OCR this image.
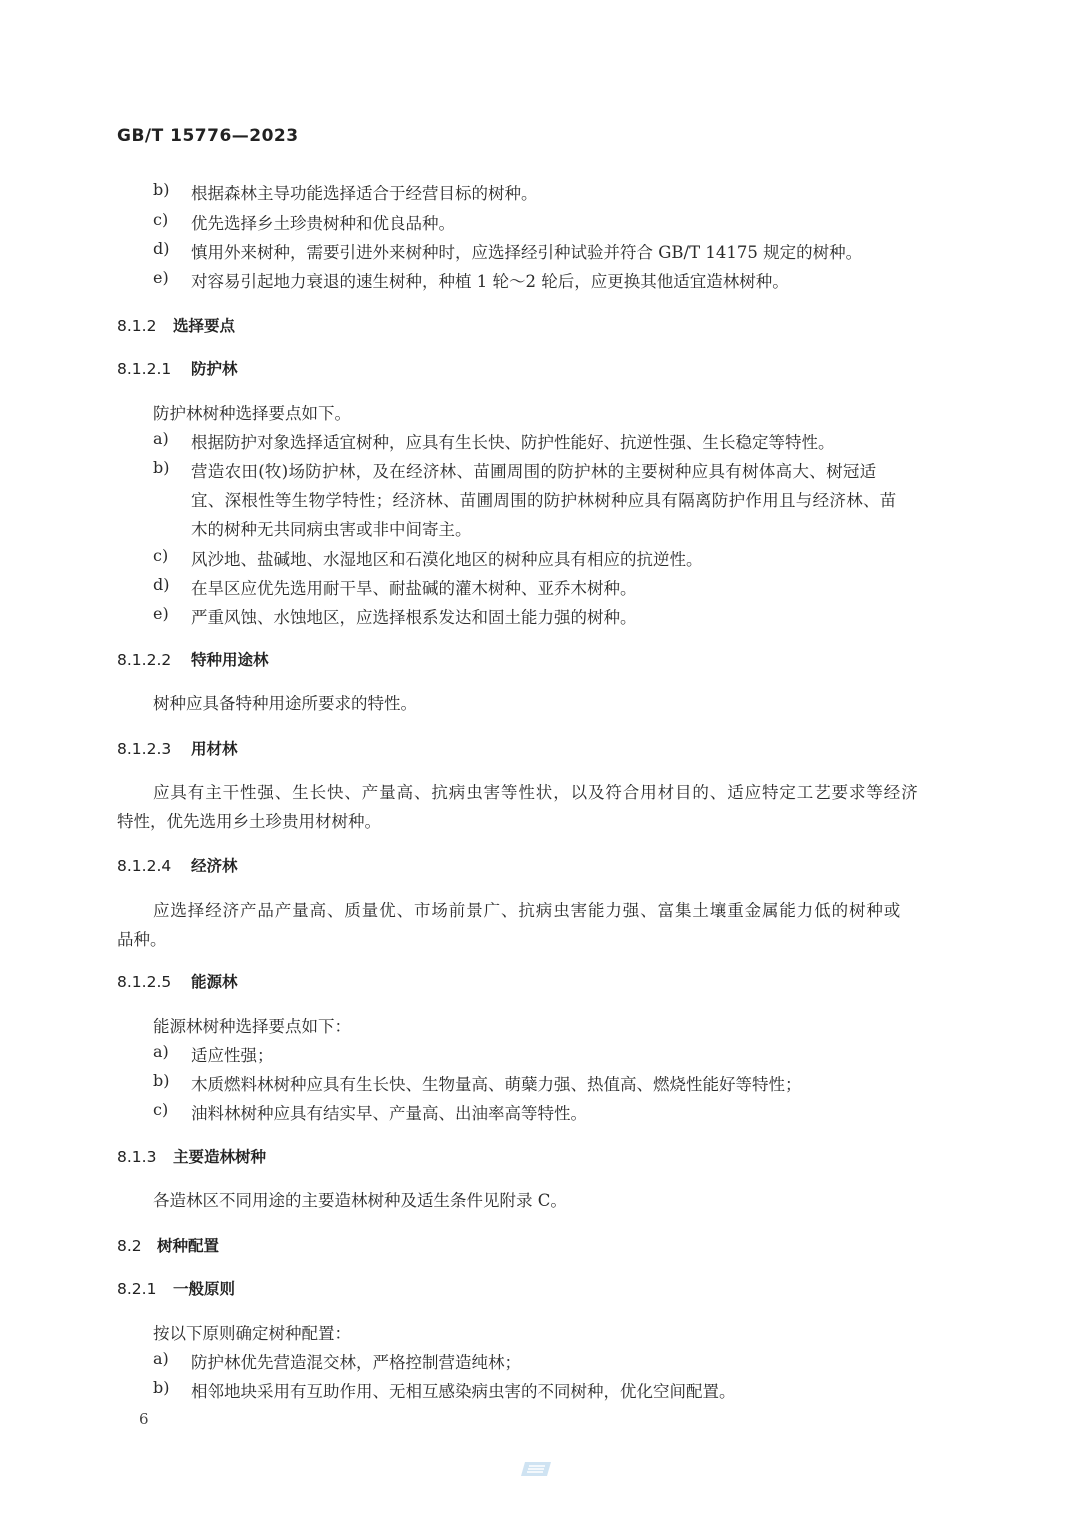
GB/T 15776—2023
b) 根据森林主导功能选择适合于经营目标的树种。
c) 优先选择乡土珍贵树种和优良品种。
d) 慎用外来树种，需要引进外来树种时，应选择经引种试验并符合 GB/T 14175 规定的树种。
e) 对容易引起地力衰退的速生树种，种植 1 轮～2 轮后，应更换其他适宜造林树种。
8.1.2 选择要点
8.1.2.1 防护林
防护林树种选择要点如下。
a) 根据防护对象选择适宜树种，应具有生长快、防护性能好、抗逆性强、生长稳定等特性。
b) 营造农田(牧)场防护林，及在经济林、苗圃周围的防护林的主要树种应具有树体高大、树冠适
宜、深根性等生物学特性；经济林、苗圃周围的防护林树种应具有隔离防护作用且与经济林、苗
木的树种无共同病虫害或非中间寄主。
c) 风沙地、盐碱地、水湿地区和石漠化地区的树种应具有相应的抗逆性。
d) 在旱区应优先选用耐干旱、耐盐碱的灌木树种、亚乔木树种。
e) 严重风蚀、水蚀地区，应选择根系发达和固土能力强的树种。
8.1.2.2 特种用途林
树种应具备特种用途所要求的特性。
8.1.2.3 用材林
应具有主干性强、生长快、产量高、抗病虫害等性状，以及符合用材目的、适应特定工艺要求等经济
特性，优先选用乡土珍贵用材树种。
8.1.2.4 经济林
应选择经济产品产量高、质量优、市场前景广、抗病虫害能力强、富集土壤重金属能力低的树种或
品种。
8.1.2.5 能源林
能源林树种选择要点如下：
a) 适应性强；
b) 木质燃料林树种应具有生长快、生物量高、萌蘖力强、热值高、燃烧性能好等特性；
c) 油料林树种应具有结实早、产量高、出油率高等特性。
8.1.3 主要造林树种
各造林区不同用途的主要造林树种及适生条件见附录 C。
8.2 树种配置
8.2.1 一般原则
按以下原则确定树种配置：
a) 防护林优先营造混交林，严格控制营造纯林；
b) 相邻地块采用有互助作用、无相互感染病虫害的不同树种，优化空间配置。
6
